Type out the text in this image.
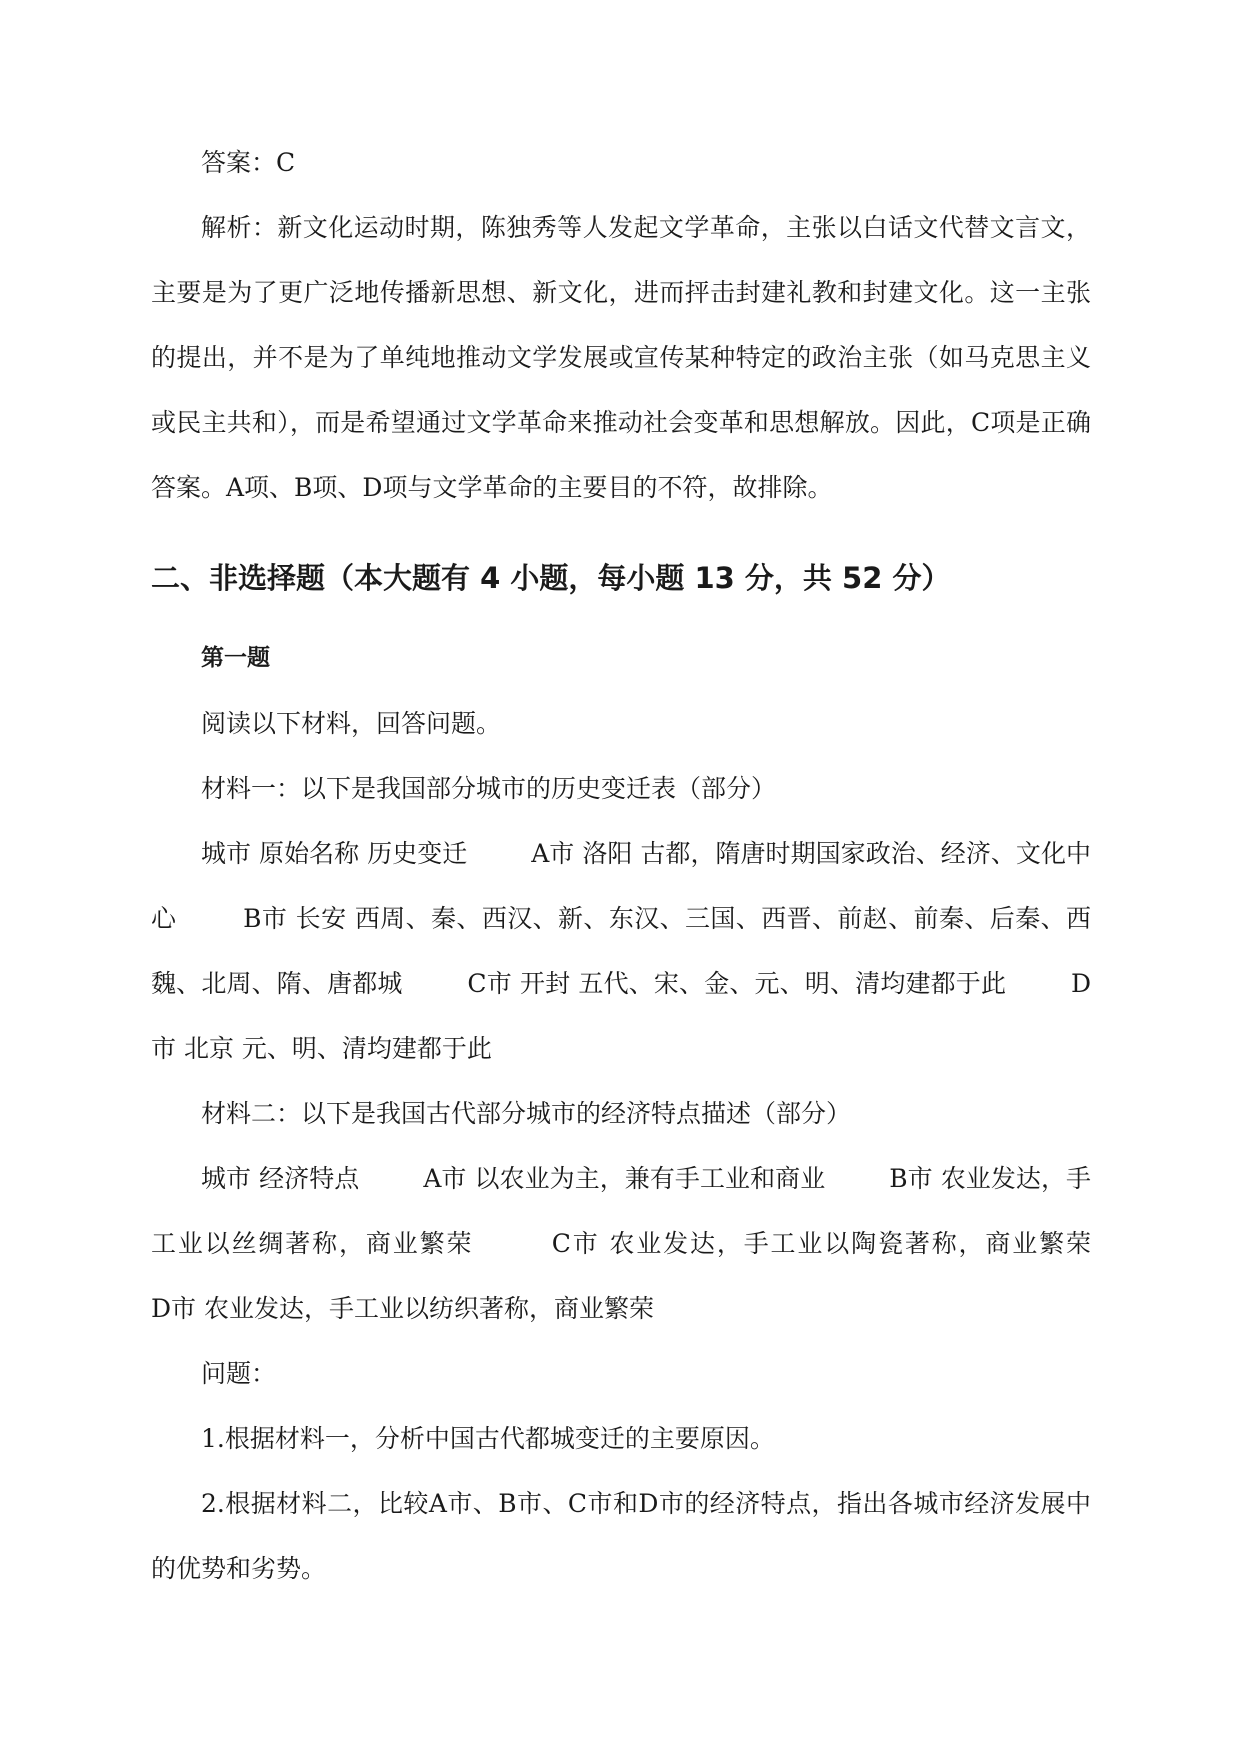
答案：C

解析：新文化运动时期，陈独秀等人发起文学革命，主张以白话文代替文言文，主要是为了更广泛地传播新思想、新文化，进而抨击封建礼教和封建文化。这一主张的提出，并不是为了单纯地推动文学发展或宣传某种特定的政治主张（如马克思主义或民主共和），而是希望通过文学革命来推动社会变革和思想解放。因此，C项是正确答案。A项、B项、D项与文学革命的主要目的不符，故排除。

二、非选择题（本大题有 4 小题，每小题 13 分，共 52 分）

第一题

阅读以下材料，回答问题。

材料一：以下是我国部分城市的历史变迁表（部分）

城市 原始名称 历史变迁        A市 洛阳 古都，隋唐时期国家政治、经济、文化中心        B市 长安 西周、秦、西汉、新、东汉、三国、西晋、前赵、前秦、后秦、西魏、北周、隋、唐都城        C市 开封 五代、宋、金、元、明、清均建都于此        D市 北京 元、明、清均建都于此

材料二：以下是我国古代部分城市的经济特点描述（部分）

城市 经济特点        A市 以农业为主，兼有手工业和商业        B市 农业发达，手工业以丝绸著称，商业繁荣        C市 农业发达，手工业以陶瓷著称，商业繁荣        D市 农业发达，手工业以纺织著称，商业繁荣

问题：

1.根据材料一，分析中国古代都城变迁的主要原因。

2.根据材料二，比较A市、B市、C市和D市的经济特点，指出各城市经济发展中的优势和劣势。
